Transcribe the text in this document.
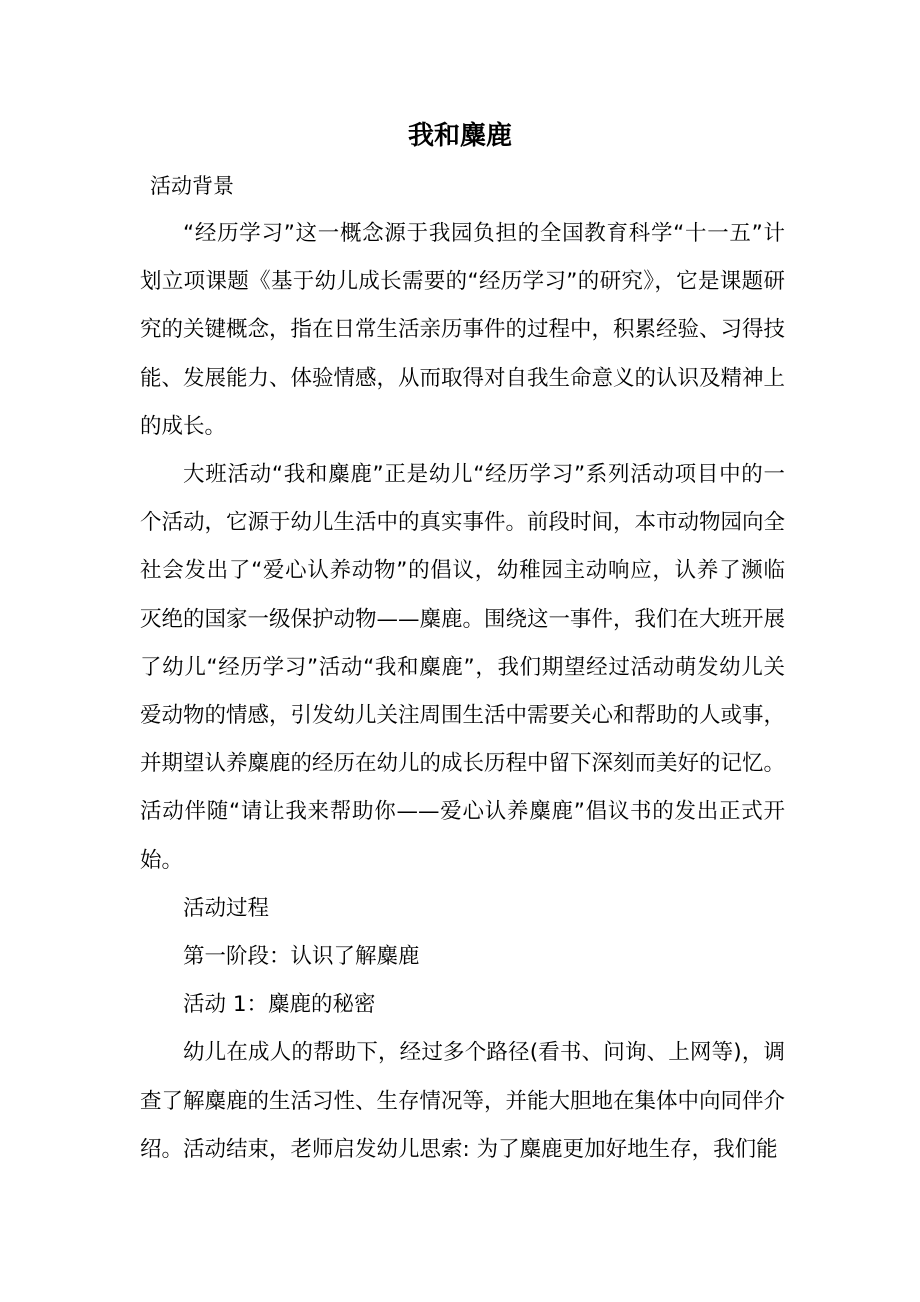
我和麋鹿

活动背景

“经历学习”这一概念源于我园负担的全国教育科学“十一五”计划立项课题《基于幼儿成长需要的“经历学习”的研究》，它是课题研究的关键概念，指在日常生活亲历事件的过程中，积累经验、习得技能、发展能力、体验情感，从而取得对自我生命意义的认识及精神上的成长。

大班活动“我和麋鹿”正是幼儿“经历学习”系列活动项目中的一个活动，它源于幼儿生活中的真实事件。前段时间，本市动物园向全社会发出了“爱心认养动物”的倡议，幼稚园主动响应，认养了濒临灭绝的国家一级保护动物——麋鹿。围绕这一事件，我们在大班开展了幼儿“经历学习”活动“我和麋鹿”，我们期望经过活动萌发幼儿关爱动物的情感，引发幼儿关注周围生活中需要关心和帮助的人或事，并期望认养麋鹿的经历在幼儿的成长历程中留下深刻而美好的记忆。活动伴随“请让我来帮助你——爱心认养麋鹿”倡议书的发出正式开始。

活动过程

第一阶段：认识了解麋鹿

活动 1：麋鹿的秘密

幼儿在成人的帮助下，经过多个路径(看书、问询、上网等)，调查了解麋鹿的生活习性、生存情况等，并能大胆地在集体中向同伴介绍。活动结束，老师启发幼儿思索: 为了麋鹿更加好地生存，我们能
